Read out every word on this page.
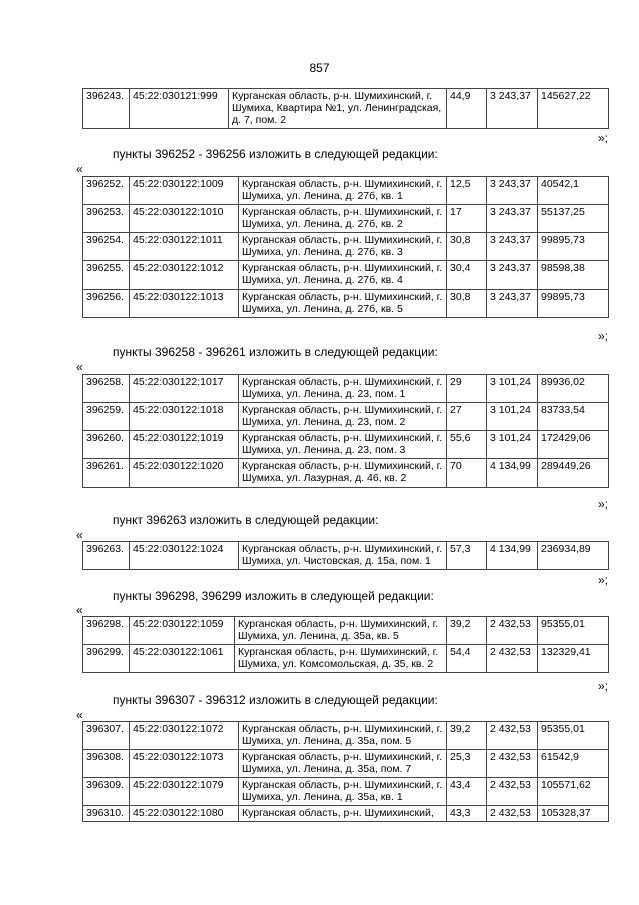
857
396243.	45:22:030121:999	Курганская область, р-н. Шумихинский, г. Шумиха, Квартира №1, ул. Ленинградская, д. 7, пом. 2	44,9	3 243,37	145627,22
»;
пункты 396252 - 396256 изложить в следующей редакции:
«
396252.	45:22:030122:1009	Курганская область, р-н. Шумихинский, г. Шумиха, ул. Ленина, д. 27б, кв. 1	12,5	3 243,37	40542,1
396253.	45:22:030122:1010	Курганская область, р-н. Шумихинский, г. Шумиха, ул. Ленина, д. 27б, кв. 2	17	3 243,37	55137,25
396254.	45:22:030122:1011	Курганская область, р-н. Шумихинский, г. Шумиха, ул. Ленина, д. 27б, кв. 3	30,8	3 243,37	99895,73
396255.	45:22:030122:1012	Курганская область, р-н. Шумихинский, г. Шумиха, ул. Ленина, д. 27б, кв. 4	30,4	3 243,37	98598,38
396256.	45:22:030122:1013	Курганская область, р-н. Шумихинский, г. Шумиха, ул. Ленина, д. 27б, кв. 5	30,8	3 243,37	99895,73
»;
пункты 396258 - 396261 изложить в следующей редакции:
«
396258.	45:22:030122:1017	Курганская область, р-н. Шумихинский, г. Шумиха, ул. Ленина, д. 23, пом. 1	29	3 101,24	89936,02
396259.	45:22:030122:1018	Курганская область, р-н. Шумихинский, г. Шумиха, ул. Ленина, д. 23, пом. 2	27	3 101,24	83733,54
396260.	45:22:030122:1019	Курганская область, р-н. Шумихинский, г. Шумиха, ул. Ленина, д. 23, пом. 3	55,6	3 101,24	172429,06
396261.	45:22:030122:1020	Курганская область, р-н. Шумихинский, г. Шумиха, ул. Лазурная, д. 46, кв. 2	70	4 134,99	289449,26
»;
пункт 396263 изложить в следующей редакции:
«
396263.	45:22:030122:1024	Курганская область, р-н. Шумихинский, г. Шумиха, ул. Чистовская, д. 15а, пом. 1	57,3	4 134,99	236934,89
»;
пункты 396298, 396299 изложить в следующей редакции:
«
396298.	45:22:030122:1059	Курганская область, р-н. Шумихинский, г. Шумиха, ул. Ленина, д. 35а, кв. 5	39,2	2 432,53	95355,01
396299.	45:22:030122:1061	Курганская область, р-н. Шумихинский, г. Шумиха, ул. Комсомольская, д. 35, кв. 2	54,4	2 432,53	132329,41
»;
пункты 396307 - 396312 изложить в следующей редакции:
«
396307.	45:22:030122:1072	Курганская область, р-н. Шумихинский, г. Шумиха, ул. Ленина, д. 35а, пом. 5	39,2	2 432,53	95355,01
396308.	45:22:030122:1073	Курганская область, р-н. Шумихинский, г. Шумиха, ул. Ленина, д. 35а, пом. 7	25,3	2 432,53	61542,9
396309.	45:22:030122:1079	Курганская область, р-н. Шумихинский, г. Шумиха, ул. Ленина, д. 35а, кв. 1	43,4	2 432,53	105571,62
396310.	45:22:030122:1080	Курганская область, р-н. Шумихинский,	43,3	2 432,53	105328,37
